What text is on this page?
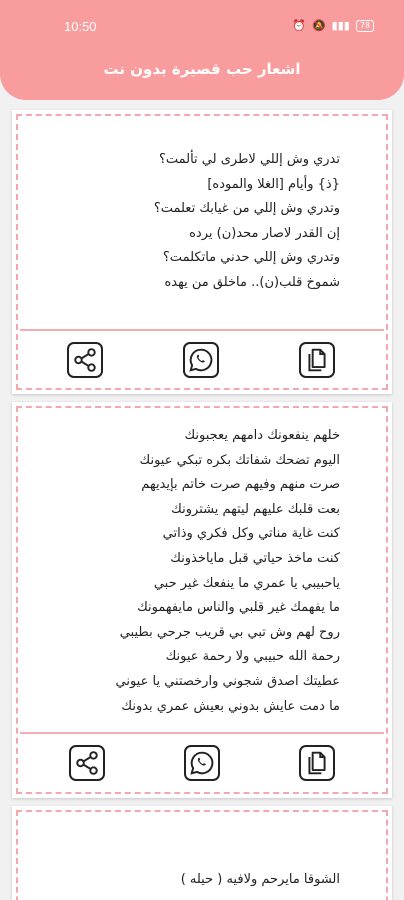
10:50	⏰ 🔕 ▮▮▮	78
اشعار حب قصيرة بدون نت
تدري وش إللي لاطرى لي تألمت؟
{ذ} وأيام [الغلا والموده]
وتدري وش إللي من غيابك تعلمت؟
إن القدر لاصار محد(ن) يرده
وتدري وش إللي حدني ماتكلمت؟
شموخ قلب(ن).. ماخلق من يهده
خلهم ينفعونك دامهم يعجبونك
اليوم تضحك شفاتك بكره تبكي عيونك
صرت منهم وفيهم صرت خاتم بإيديهم
بعت قلبك عليهم ليتهم يشترونك
كنت غاية مناتي وكل فكري وذاتي
كنت ماخذ حياتي قبل ماياخذونك
ياحبيبي يا عمري ما ينفعك غير حبي
ما يفهمك غير قلبي والناس مايفهمونك
روح لهم وش تبي بي قريب جرحي بطيبي
رحمة الله حبيبي ولا رحمة عيونك
عطيتك اصدق شجوني وارخصتني يا عيوني
ما دمت عايش بدوني بعيش عمري بدونك
الشوقا مايرحم ولافيه ( حيله )
